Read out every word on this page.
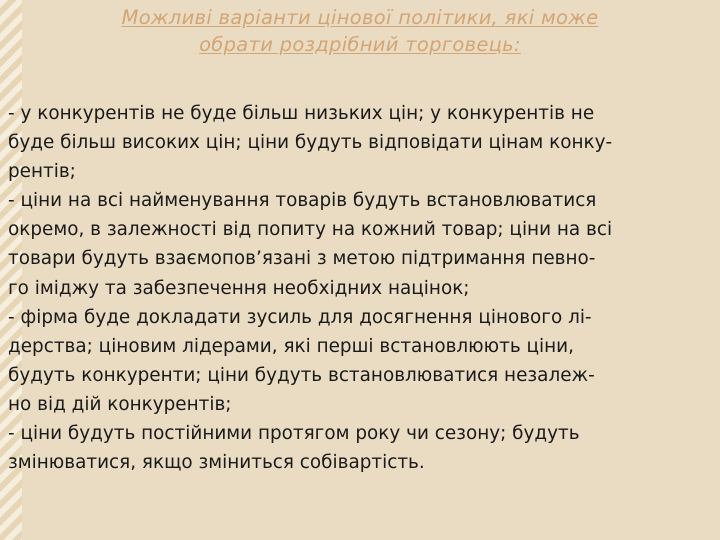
Можливі варіанти цінової політики, які може
обрати роздрібний торговець:
- у конкурентів не буде більш низьких цін; у конкурентів не
буде більш високих цін; ціни будуть відповідати цінам конку-
рентів;
- ціни на всі найменування товарів будуть встановлюватися
окремо, в залежності від попиту на кожний товар; ціни на всі
товари будуть взаємопов’язані з метою підтримання певно-
го іміджу та забезпечення необхідних націнок;
- фірма буде докладати зусиль для досягнення цінового лі-
дерства; ціновим лідерами, які перші встановлюють ціни,
будуть конкуренти; ціни будуть встановлюватися незалеж-
но від дій конкурентів;
- ціни будуть постійними протягом року чи сезону; будуть
змінюватися, якщо зміниться собівартість.
